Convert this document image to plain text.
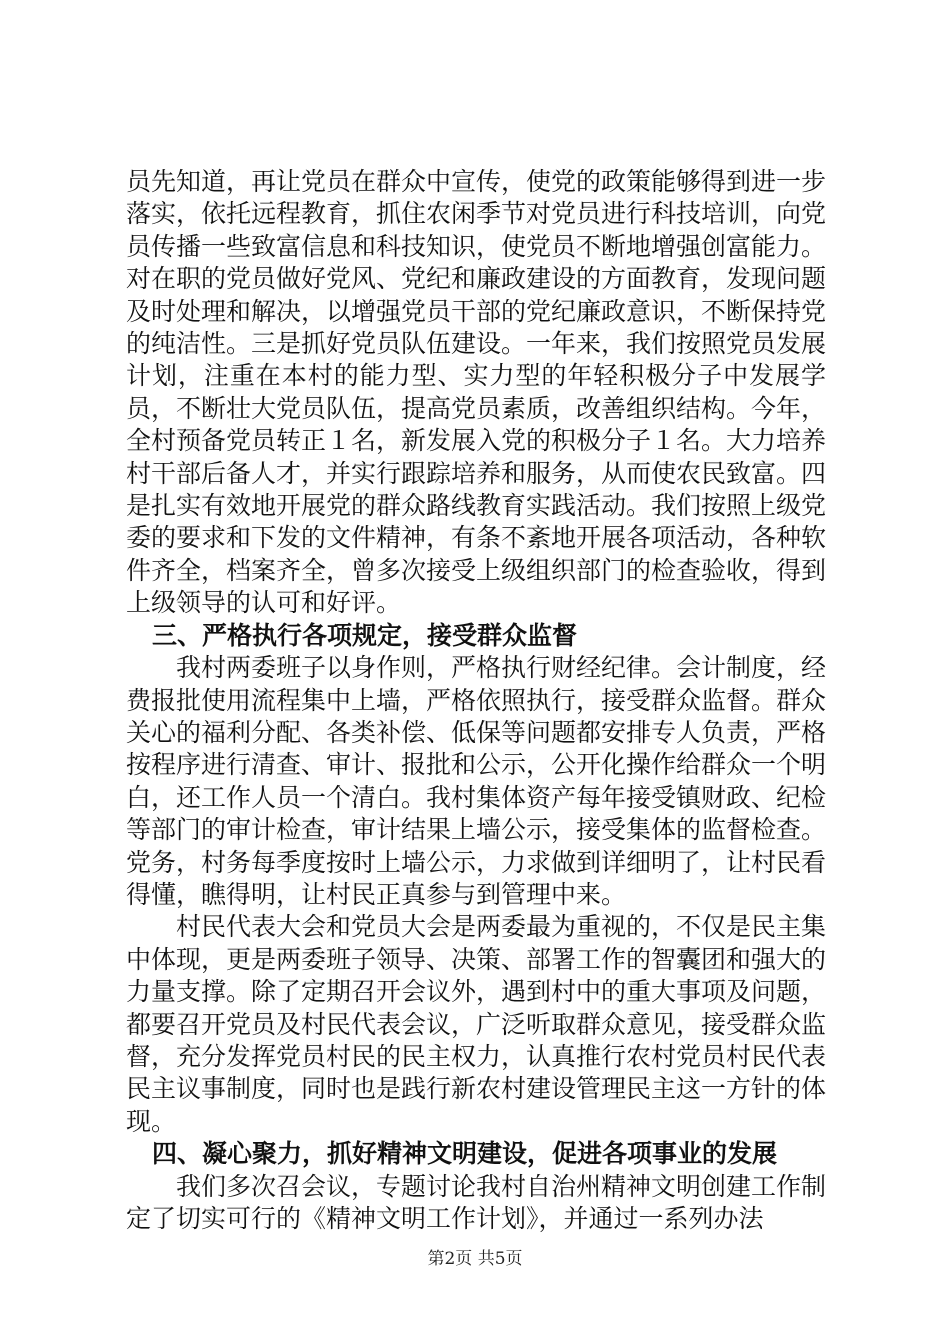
员先知道，再让党员在群众中宣传，使党的政策能够得到进一步落实，依托远程教育，抓住农闲季节对党员进行科技培训，向党员传播一些致富信息和科技知识，使党员不断地增强创富能力。对在职的党员做好党风、党纪和廉政建设的方面教育，发现问题及时处理和解决，以增强党员干部的党纪廉政意识，不断保持党的纯洁性。三是抓好党员队伍建设。一年来，我们按照党员发展计划，注重在本村的能力型、实力型的年轻积极分子中发展学员，不断壮大党员队伍，提高党员素质，改善组织结构。今年，全村预备党员转正１名，新发展入党的积极分子１名。大力培养村干部后备人才，并实行跟踪培养和服务，从而使农民致富。四是扎实有效地开展党的群众路线教育实践活动。我们按照上级党委的要求和下发的文件精神，有条不紊地开展各项活动，各种软件齐全，档案齐全，曾多次接受上级组织部门的检查验收，得到上级领导的认可和好评。

三、严格执行各项规定，接受群众监督

我村两委班子以身作则，严格执行财经纪律。会计制度，经费报批使用流程集中上墙，严格依照执行，接受群众监督。群众关心的福利分配、各类补偿、低保等问题都安排专人负责，严格按程序进行清查、审计、报批和公示，公开化操作给群众一个明白，还工作人员一个清白。我村集体资产每年接受镇财政、纪检等部门的审计检查，审计结果上墙公示，接受集体的监督检查。党务，村务每季度按时上墙公示，力求做到详细明了，让村民看得懂，瞧得明，让村民正真参与到管理中来。

村民代表大会和党员大会是两委最为重视的，不仅是民主集中体现，更是两委班子领导、决策、部署工作的智囊团和强大的力量支撑。除了定期召开会议外，遇到村中的重大事项及问题，都要召开党员及村民代表会议，广泛听取群众意见，接受群众监督，充分发挥党员村民的民主权力，认真推行农村党员村民代表民主议事制度，同时也是践行新农村建设管理民主这一方针的体现。

四、凝心聚力，抓好精神文明建设，促进各项事业的发展

我们多次召会议，专题讨论我村自治州精神文明创建工作制定了切实可行的《精神文明工作计划》，并通过一系列办法

第2页 共5页
